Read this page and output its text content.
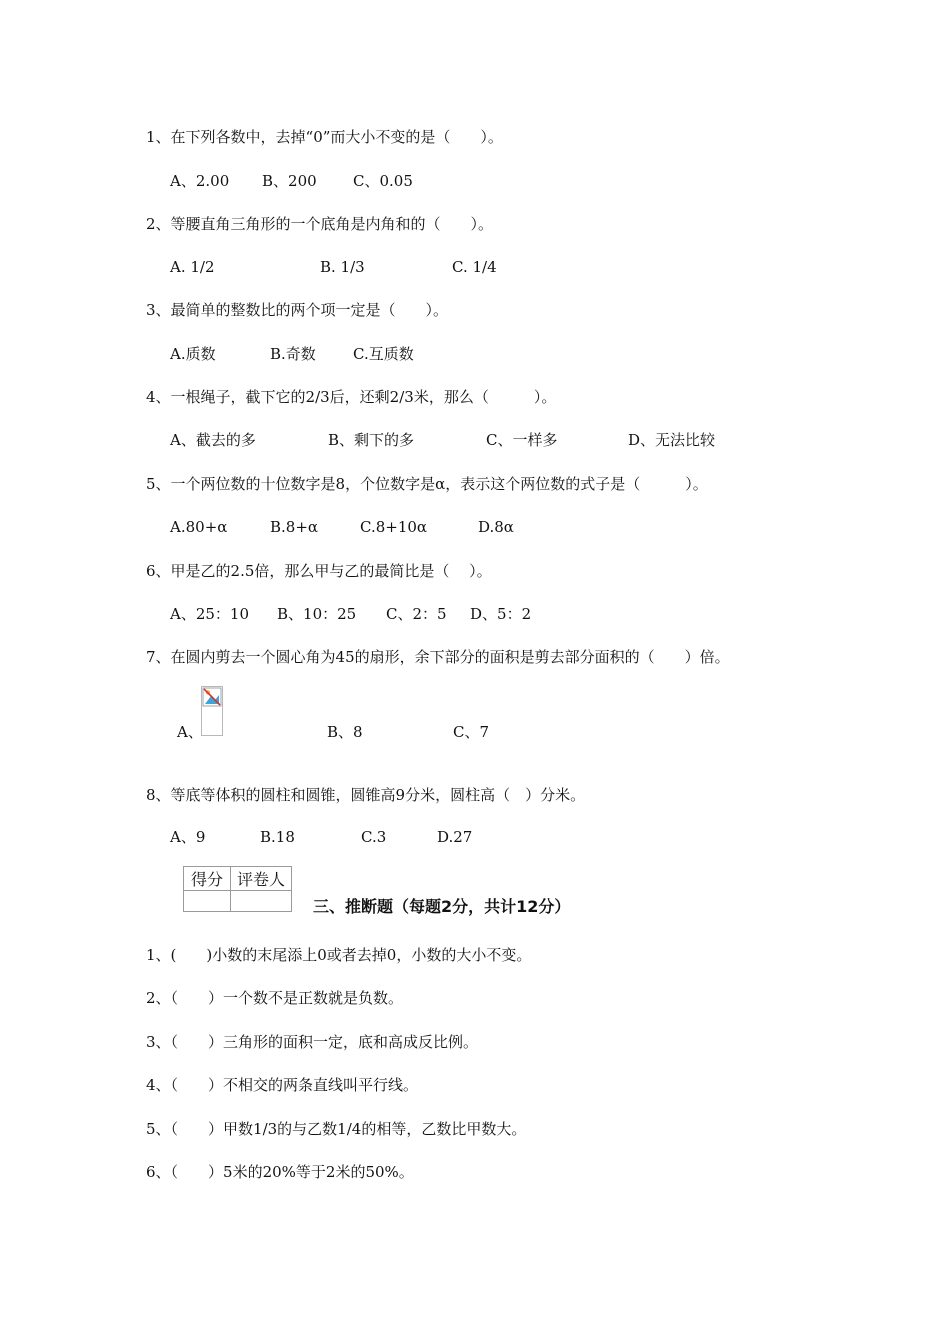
1、在下列各数中，去掉“0”而大小不变的是（　　）。
A、2.00 B、200 C、0.05
2、等腰直角三角形的一个底角是内角和的（　　）。
A. 1/2	B. 1/3	C. 1/4
3、最简单的整数比的两个项一定是（　　）。
A.质数	B.奇数 C.互质数
4、一根绳子，截下它的2/3后，还剩2/3米，那么（　　　）。
A、截去的多	B、剩下的多	C、一样多	D、无法比较
5、一个两位数的十位数字是8，个位数字是α，表示这个两位数的式子是（　　　）。
A.80+α	B.8+α	C.8+10α	D.8α
6、甲是乙的2.5倍，那么甲与乙的最简比是（　 ）。
A、25：10 B、10：25 C、2：5 D、5：2
7、在圆内剪去一个圆心角为45的扇形，余下部分的面积是剪去部分面积的（　　）倍。
A、	B、8	C、7
8、等底等体积的圆柱和圆锥，圆锥高9分米，圆柱高（　）分米。
A、9	B.18	C.3	D.27
得分	评卷人

三、推断题（每题2分，共计12分）
1、(　　)小数的末尾添上0或者去掉0，小数的大小不变。
2、（　　）一个数不是正数就是负数。
3、（　　）三角形的面积一定，底和高成反比例。
4、（　　）不相交的两条直线叫平行线。
5、（　　）甲数1/3的与乙数1/4的相等，乙数比甲数大。
6、（　　）5米的20%等于2米的50%。
